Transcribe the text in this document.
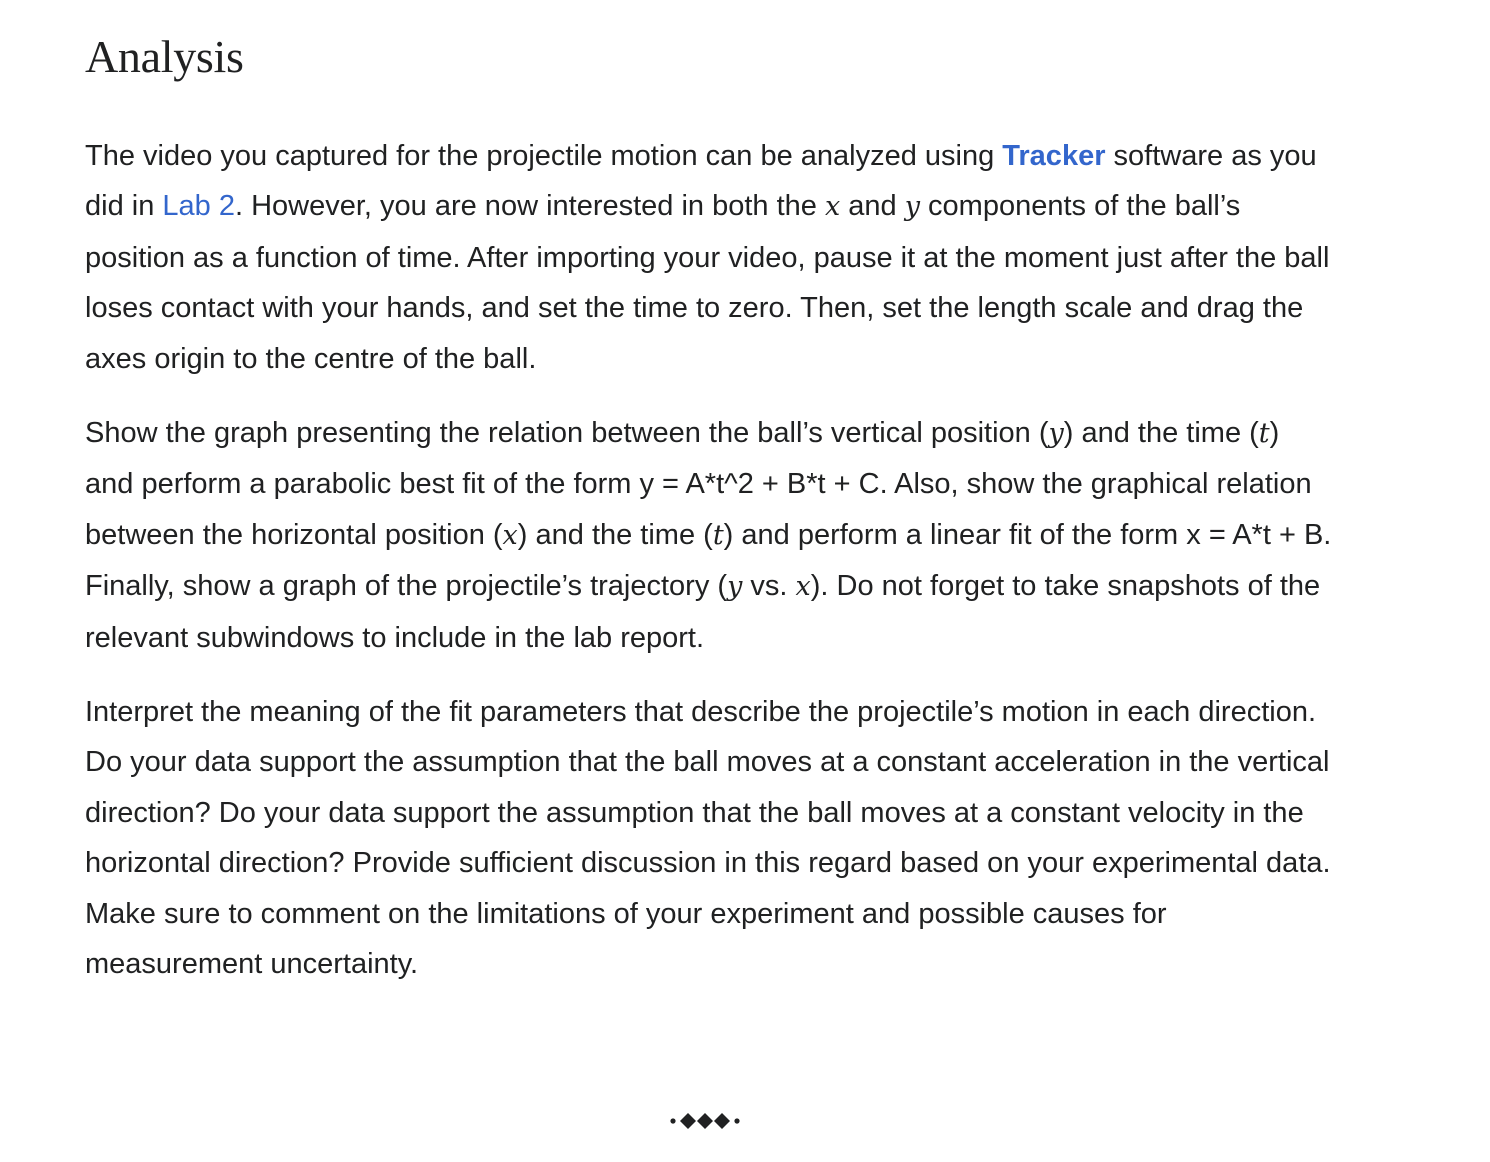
Analysis

The video you captured for the projectile motion can be analyzed using Tracker software as you did in Lab 2. However, you are now interested in both the x and y components of the ball’s position as a function of time. After importing your video, pause it at the moment just after the ball loses contact with your hands, and set the time to zero. Then, set the length scale and drag the axes origin to the centre of the ball.

Show the graph presenting the relation between the ball’s vertical position (y) and the time (t) and perform a parabolic best fit of the form y = A*t^2 + B*t + C. Also, show the graphical relation between the horizontal position (x) and the time (t) and perform a linear fit of the form x = A*t + B. Finally, show a graph of the projectile’s trajectory (y vs. x). Do not forget to take snapshots of the relevant subwindows to include in the lab report.

Interpret the meaning of the fit parameters that describe the projectile’s motion in each direction. Do your data support the assumption that the ball moves at a constant acceleration in the vertical direction? Do your data support the assumption that the ball moves at a constant velocity in the horizontal direction? Provide sufficient discussion in this regard based on your experimental data. Make sure to comment on the limitations of your experiment and possible causes for measurement uncertainty.
